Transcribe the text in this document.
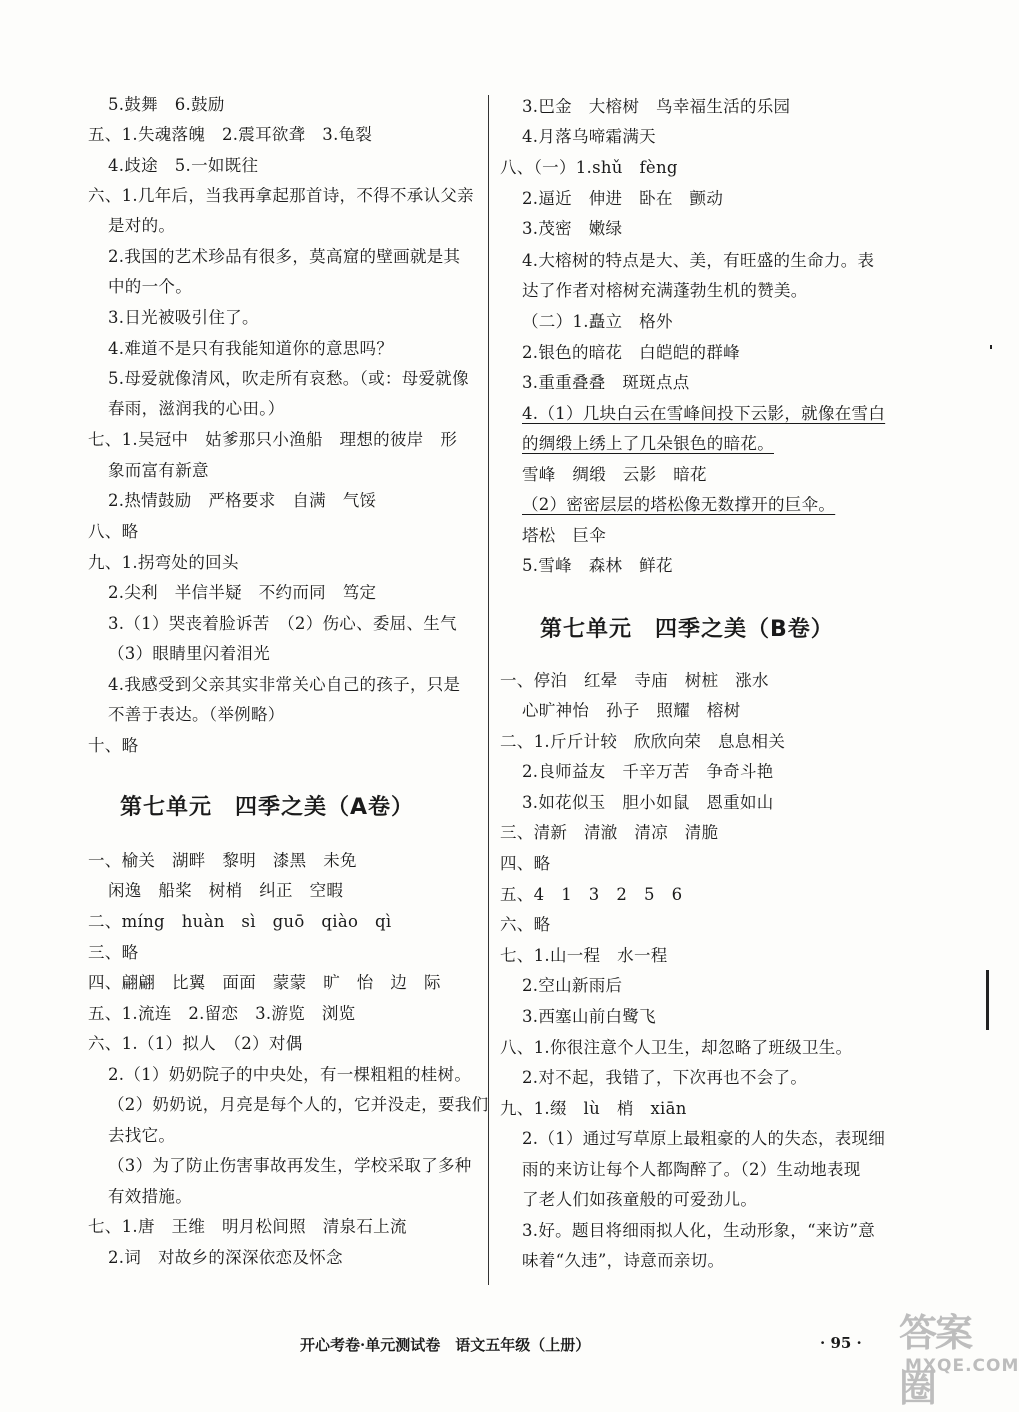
5.鼓舞　6.鼓励
五、1.失魂落魄　2.震耳欲聋　3.龟裂
4.歧途　5.一如既往
六、1.几年后，当我再拿起那首诗，不得不承认父亲
是对的。
2.我国的艺术珍品有很多，莫高窟的壁画就是其
中的一个。
3.日光被吸引住了。
4.难道不是只有我能知道你的意思吗？
5.母爱就像清风，吹走所有哀愁。（或：母爱就像
春雨，滋润我的心田。）
七、1.吴冠中　姑爹那只小渔船　理想的彼岸　形
象而富有新意
2.热情鼓励　严格要求　自满　气馁
八、略
九、1.拐弯处的回头
2.尖利　半信半疑　不约而同　笃定
3.（1）哭丧着脸诉苦　（2）伤心、委屈、生气
（3）眼睛里闪着泪光
4.我感受到父亲其实非常关心自己的孩子，只是
不善于表达。（举例略）
十、略
第七单元　四季之美（A卷）
一、榆关　湖畔　黎明　漆黑　未免
闲逸　船桨　树梢　纠正　空暇
二、míng　huàn　sì　guō　qiào　qì
三、略
四、翩翩　比翼　面面　蒙蒙　旷　怡　边　际
五、1.流连　2.留恋　3.游览　浏览
六、1.（1）拟人　（2）对偶
2.（1）奶奶院子的中央处，有一棵粗粗的桂树。
（2）奶奶说，月亮是每个人的，它并没走，要我们
去找它。
（3）为了防止伤害事故再发生，学校采取了多种
有效措施。
七、1.唐　王维　明月松间照　清泉石上流
2.词　对故乡的深深依恋及怀念
3.巴金　大榕树　鸟幸福生活的乐园
4.月落乌啼霜满天
八、（一）1.shǔ　fèng
2.逼近　伸进　卧在　颤动
3.茂密　嫩绿
4.大榕树的特点是大、美，有旺盛的生命力。表
达了作者对榕树充满蓬勃生机的赞美。
（二）1.矗立　格外
2.银色的暗花　白皑皑的群峰
3.重重叠叠　斑斑点点
4.（1）几块白云在雪峰间投下云影，就像在雪白
的绸缎上绣上了几朵银色的暗花。
雪峰　绸缎　云影　暗花
（2）密密层层的塔松像无数撑开的巨伞。
塔松　巨伞
5.雪峰　森林　鲜花
第七单元　四季之美（B卷）
一、停泊　红晕　寺庙　树桩　涨水
心旷神怡　孙子　照耀　榕树
二、1.斤斤计较　欣欣向荣　息息相关
2.良师益友　千辛万苦　争奇斗艳
3.如花似玉　胆小如鼠　恩重如山
三、清新　清澈　清凉　清脆
四、略
五、4　1　3　2　5　6
六、略
七、1.山一程　水一程
2.空山新雨后
3.西塞山前白鹭飞
八、1.你很注意个人卫生，却忽略了班级卫生。
2.对不起，我错了，下次再也不会了。
九、1.缀　lù　梢　xiān
2.（1）通过写草原上最粗豪的人的失态，表现细
雨的来访让每个人都陶醉了。（2）生动地表现
了老人们如孩童般的可爱劲儿。
3.好。题目将细雨拟人化，生动形象，“来访”意
味着“久违”，诗意而亲切。
开心考卷·单元测试卷　语文五年级（上册）	· 95 · 答案圈
MXQE.COM
